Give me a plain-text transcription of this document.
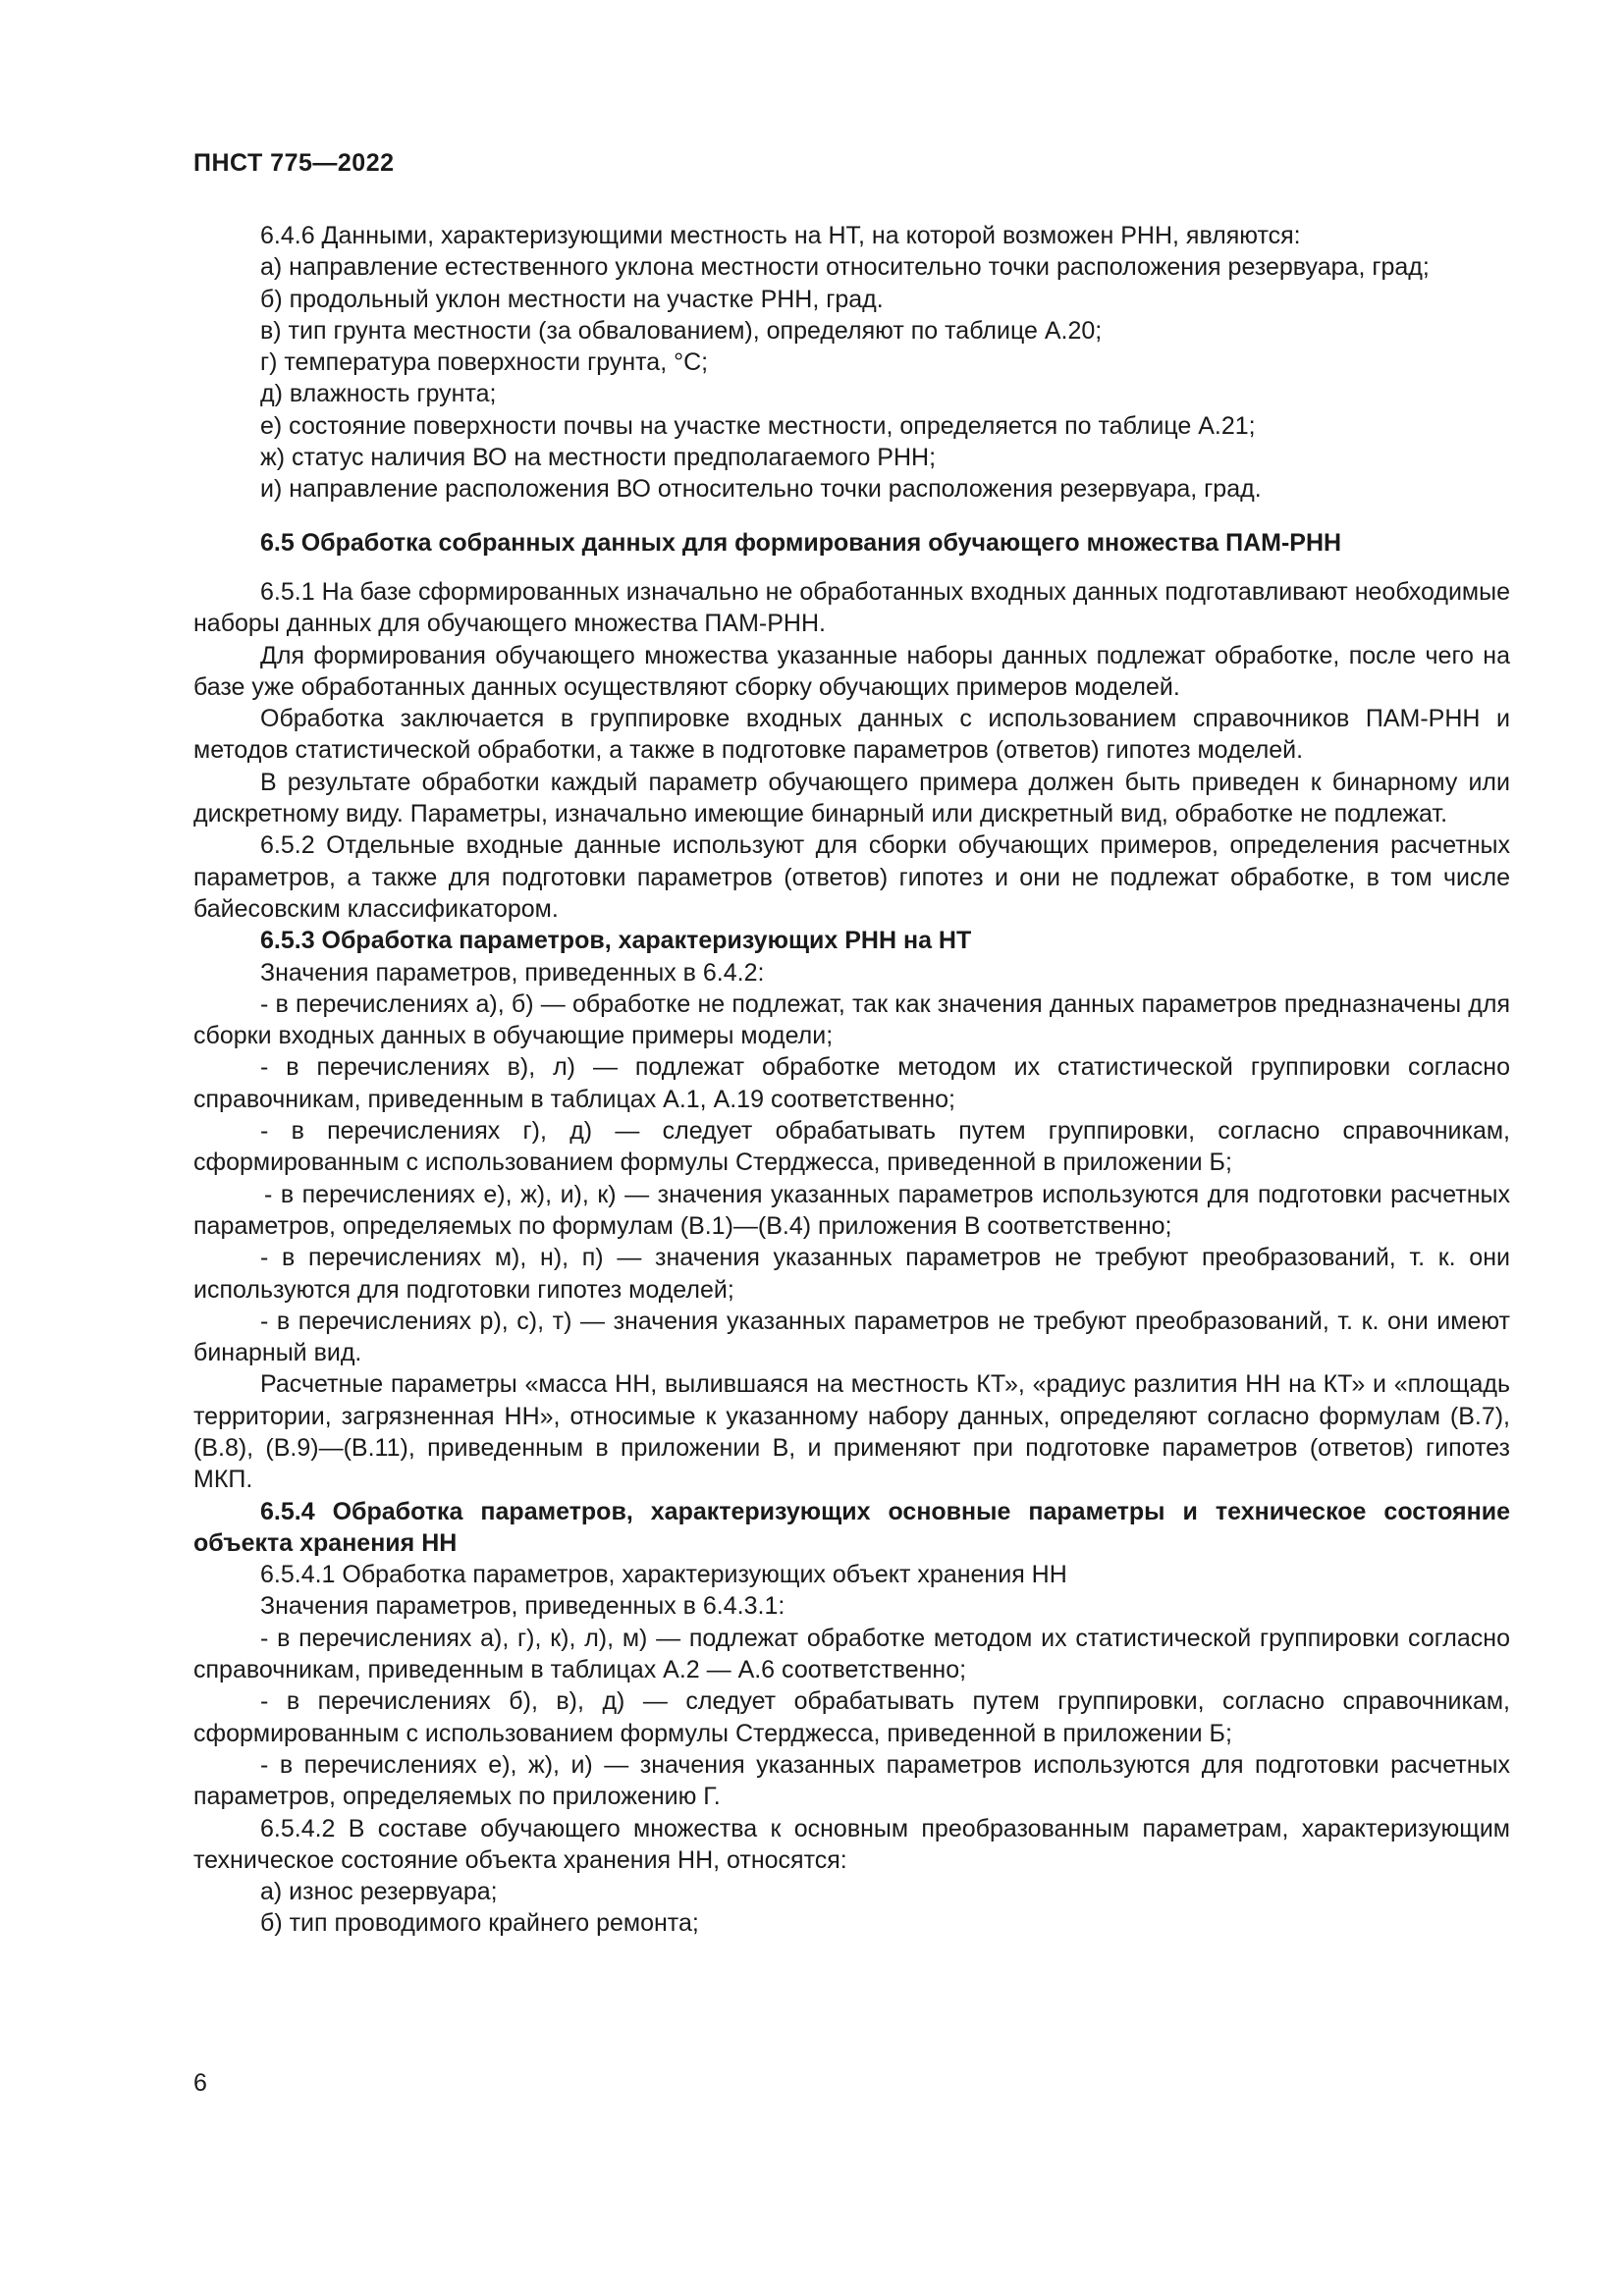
ПНСТ 775—2022

6.4.6 Данными, характеризующими местность на НТ, на которой возможен РНН, являются:

а) направление естественного уклона местности относительно точки расположения резервуара, град;

б) продольный уклон местности на участке РНН, град.

в) тип грунта местности (за обвалованием), определяют по таблице А.20;

г) температура поверхности грунта, °С;

д) влажность грунта;

е) состояние поверхности почвы на участке местности, определяется по таблице А.21;

ж) статус наличия ВО на местности предполагаемого РНН;

и) направление расположения ВО относительно точки расположения резервуара, град.

6.5 Обработка собранных данных для формирования обучающего множества ПАМ-РНН

6.5.1 На базе сформированных изначально не обработанных входных данных подготавливают необходимые наборы данных для обучающего множества ПАМ-РНН.

Для формирования обучающего множества указанные наборы данных подлежат обработке, после чего на базе уже обработанных данных осуществляют сборку обучающих примеров моделей.

Обработка заключается в группировке входных данных с использованием справочников ПАМ-РНН и методов статистической обработки, а также в подготовке параметров (ответов) гипотез моделей.

В результате обработки каждый параметр обучающего примера должен быть приведен к бинарному или дискретному виду. Параметры, изначально имеющие бинарный или дискретный вид, обработке не подлежат.

6.5.2 Отдельные входные данные используют для сборки обучающих примеров, определения расчетных параметров, а также для подготовки параметров (ответов) гипотез и они не подлежат обработке, в том числе байесовским классификатором.

6.5.3 Обработка параметров, характеризующих РНН на НТ

Значения параметров, приведенных в 6.4.2:

- в перечислениях а), б) — обработке не подлежат, так как значения данных параметров предназначены для сборки входных данных в обучающие примеры модели;

- в перечислениях в), л) — подлежат обработке методом их статистической группировки согласно справочникам, приведенным в таблицах А.1, А.19 соответственно;

- в перечислениях г), д) — следует обрабатывать путем группировки, согласно справочникам, сформированным с использованием формулы Стерджесса, приведенной в приложении Б;

- в перечислениях е), ж), и), к) — значения указанных параметров используются для подготовки расчетных параметров, определяемых по формулам (В.1)—(В.4) приложения В соответственно;

- в перечислениях м), н), п) — значения указанных параметров не требуют преобразований, т. к. они используются для подготовки гипотез моделей;

- в перечислениях р), с), т) — значения указанных параметров не требуют преобразований, т. к. они имеют бинарный вид.

Расчетные параметры «масса НН, вылившаяся на местность КТ», «радиус разлития НН на КТ» и «площадь территории, загрязненная НН», относимые к указанному набору данных, определяют согласно формулам (В.7), (В.8), (В.9)—(В.11), приведенным в приложении В, и применяют при подготовке параметров (ответов) гипотез МКП.

6.5.4 Обработка параметров, характеризующих основные параметры и техническое состояние объекта хранения НН

6.5.4.1 Обработка параметров, характеризующих объект хранения НН

Значения параметров, приведенных в 6.4.3.1:

- в перечислениях а), г), к), л), м) — подлежат обработке методом их статистической группировки согласно справочникам, приведенным в таблицах А.2 — А.6 соответственно;

- в перечислениях б), в), д) — следует обрабатывать путем группировки, согласно справочникам, сформированным с использованием формулы Стерджесса, приведенной в приложении Б;

- в перечислениях е), ж), и) — значения указанных параметров используются для подготовки расчетных параметров, определяемых по приложению Г.

6.5.4.2 В составе обучающего множества к основным преобразованным параметрам, характеризующим техническое состояние объекта хранения НН, относятся:

а) износ резервуара;

б) тип проводимого крайнего ремонта;

6
